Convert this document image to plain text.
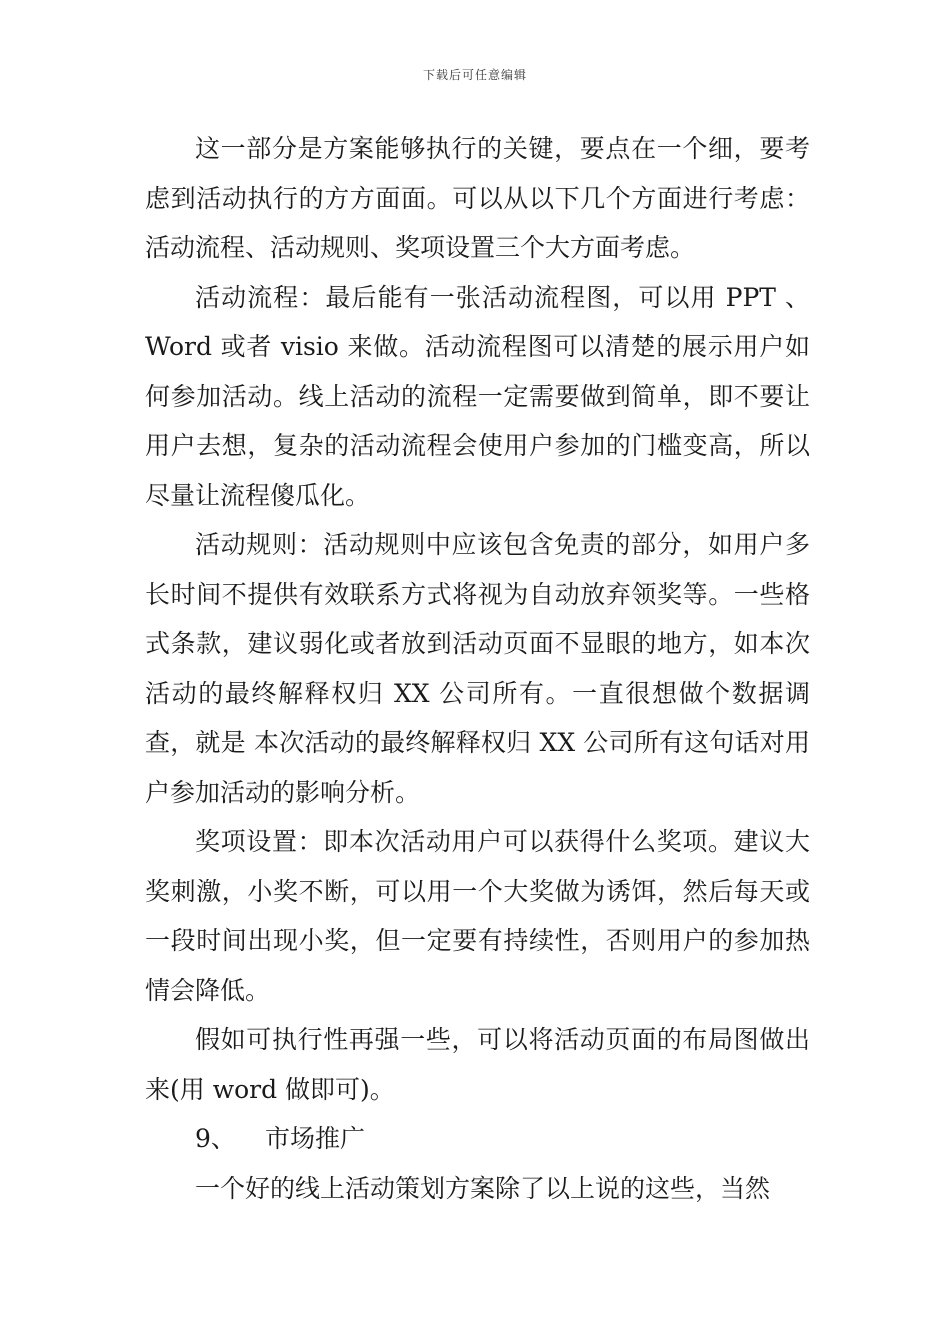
下载后可任意编辑

这一部分是方案能够执行的关键，要点在一个细，要考虑到活动执行的方方面面。可以从以下几个方面进行考虑：活动流程、活动规则、奖项设置三个大方面考虑。

活动流程：最后能有一张活动流程图，可以用 PPT 、Word 或者 visio 来做。活动流程图可以清楚的展示用户如何参加活动。线上活动的流程一定需要做到简单，即不要让用户去想，复杂的活动流程会使用户参加的门槛变高，所以尽量让流程傻瓜化。

活动规则：活动规则中应该包含免责的部分，如用户多长时间不提供有效联系方式将视为自动放弃领奖等。一些格式条款，建议弱化或者放到活动页面不显眼的地方，如本次活动的最终解释权归 XX 公司所有。一直很想做个数据调查，就是 本次活动的最终解释权归 XX 公司所有这句话对用户参加活动的影响分析。

奖项设置：即本次活动用户可以获得什么奖项。建议大奖刺激，小奖不断，可以用一个大奖做为诱饵，然后每天或一段时间出现小奖，但一定要有持续性，否则用户的参加热情会降低。

假如可执行性再强一些，可以将活动页面的布局图做出来(用 word 做即可)。

9、 市场推广

一个好的线上活动策划方案除了以上说的这些，当然
